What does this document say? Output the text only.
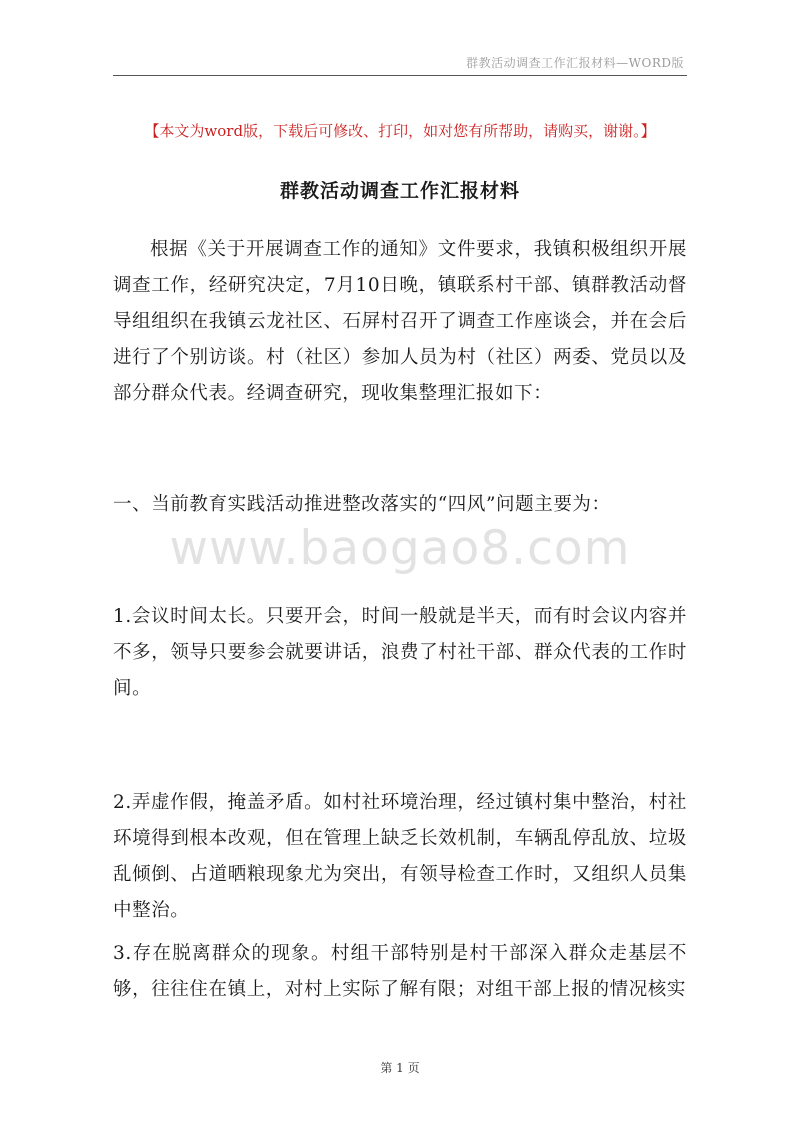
群教活动调查工作汇报材料—WORD版
【本文为word版，下载后可修改、打印，如对您有所帮助，请购买，谢谢。】
群教活动调查工作汇报材料

根据《关于开展调查工作的通知》文件要求，我镇积极组织开展调查工作，经研究决定，7月10日晚，镇联系村干部、镇群教活动督导组组织在我镇云龙社区、石屏村召开了调查工作座谈会，并在会后进行了个别访谈。村（社区）参加人员为村（社区）两委、党员以及部分群众代表。经调查研究，现收集整理汇报如下：

一、当前教育实践活动推进整改落实的“四风”问题主要为：

www.baogao8.com

1.会议时间太长。只要开会，时间一般就是半天，而有时会议内容并不多，领导只要参会就要讲话，浪费了村社干部、群众代表的工作时间。

2.弄虚作假，掩盖矛盾。如村社环境治理，经过镇村集中整治，村社环境得到根本改观，但在管理上缺乏长效机制，车辆乱停乱放、垃圾乱倾倒、占道晒粮现象尤为突出，有领导检查工作时，又组织人员集中整治。

3.存在脱离群众的现象。村组干部特别是村干部深入群众走基层不够，往往住在镇上，对村上实际了解有限；对组干部上报的情况核实

第 1 页
